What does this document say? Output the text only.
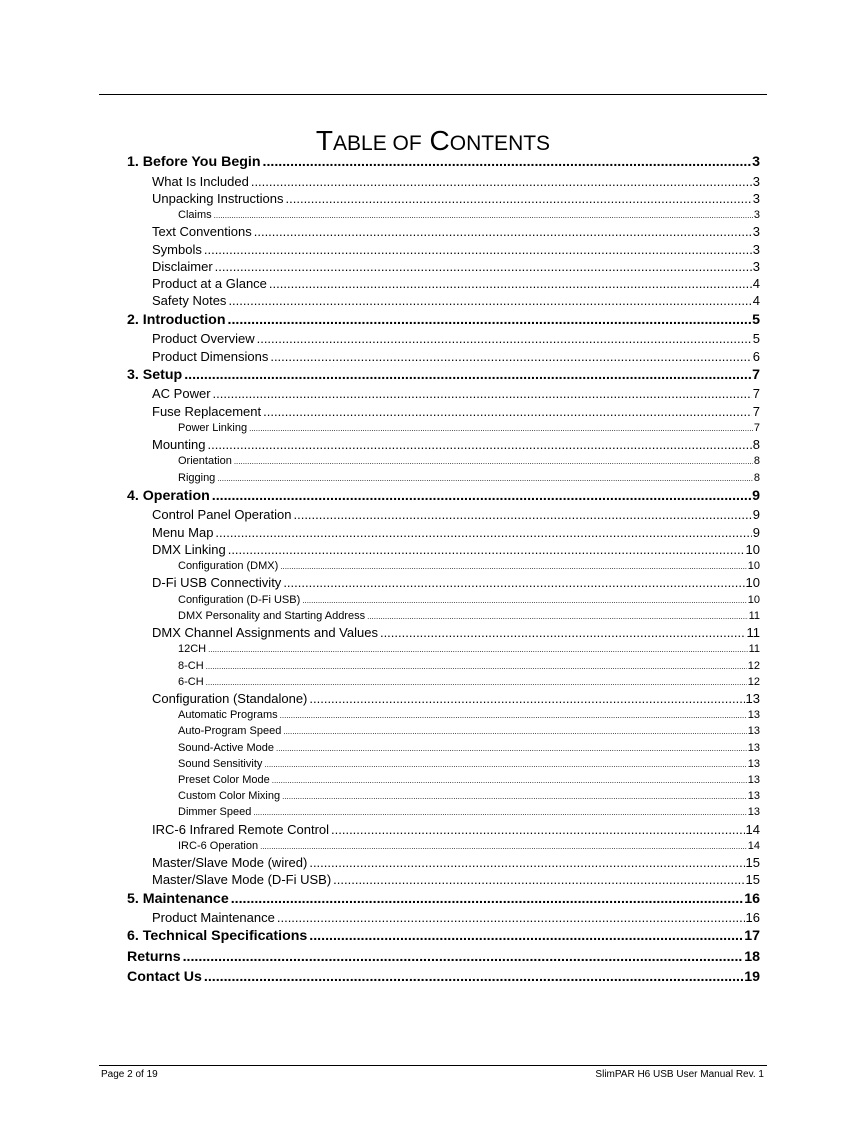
TABLE OF CONTENTS
1. Before You Begin .....	3
What Is Included .....	3
Unpacking Instructions .....	3
Claims .....	3
Text Conventions .....	3
Symbols .....	3
Disclaimer .....	3
Product at a Glance .....	4
Safety Notes .....	4
2. Introduction .....	5
Product Overview .....	5
Product Dimensions .....	6
3. Setup .....	7
AC Power .....	7
Fuse Replacement .....	7
Power Linking .....	7
Mounting .....	8
Orientation .....	8
Rigging .....	8
4. Operation .....	9
Control Panel Operation .....	9
Menu Map .....	9
DMX Linking .....	10
Configuration (DMX) .....	10
D-Fi USB Connectivity .....	10
Configuration (D-Fi USB) .....	10
DMX Personality and Starting Address .....	11
DMX Channel Assignments and Values .....	11
12CH .....	11
8-CH .....	12
6-CH .....	12
Configuration (Standalone) .....	13
Automatic Programs .....	13
Auto-Program Speed .....	13
Sound-Active Mode .....	13
Sound Sensitivity .....	13
Preset Color Mode .....	13
Custom Color Mixing .....	13
Dimmer Speed .....	13
IRC-6 Infrared Remote Control .....	14
IRC-6 Operation .....	14
Master/Slave Mode (wired) .....	15
Master/Slave Mode (D-Fi USB) .....	15
5. Maintenance .....	16
Product Maintenance .....	16
6. Technical Specifications .....	17
Returns .....	18
Contact Us .....	19
Page 2 of 19	SlimPAR H6 USB User Manual Rev. 1
